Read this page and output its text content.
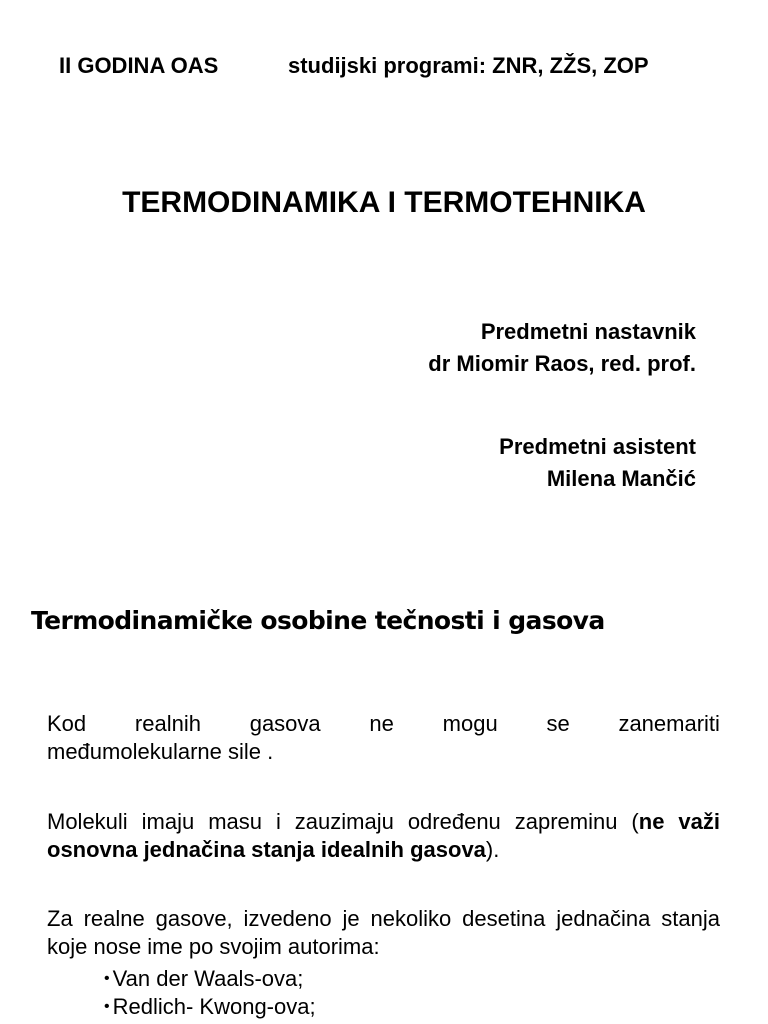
II GODINA OAS	studijski programi: ZNR, ZŽS, ZOP
TERMODINAMIKA I TERMOTEHNIKA
Predmetni nastavnik
dr Miomir Raos, red. prof.
Predmetni asistent
Milena Mančić
Termodinamičke osobine tečnosti i gasova
Kod realnih gasova ne mogu se zanemariti
međumolekularne sile .
Molekuli imaju masu i zauzimaju određenu zapreminu (ne važi osnovna jednačina stanja idealnih gasova).
Za realne gasove, izvedeno je nekoliko desetina jednačina stanja koje nose ime po svojim autorima:
• Van der Waals-ova;
• Redlich- Kwong-ova;
